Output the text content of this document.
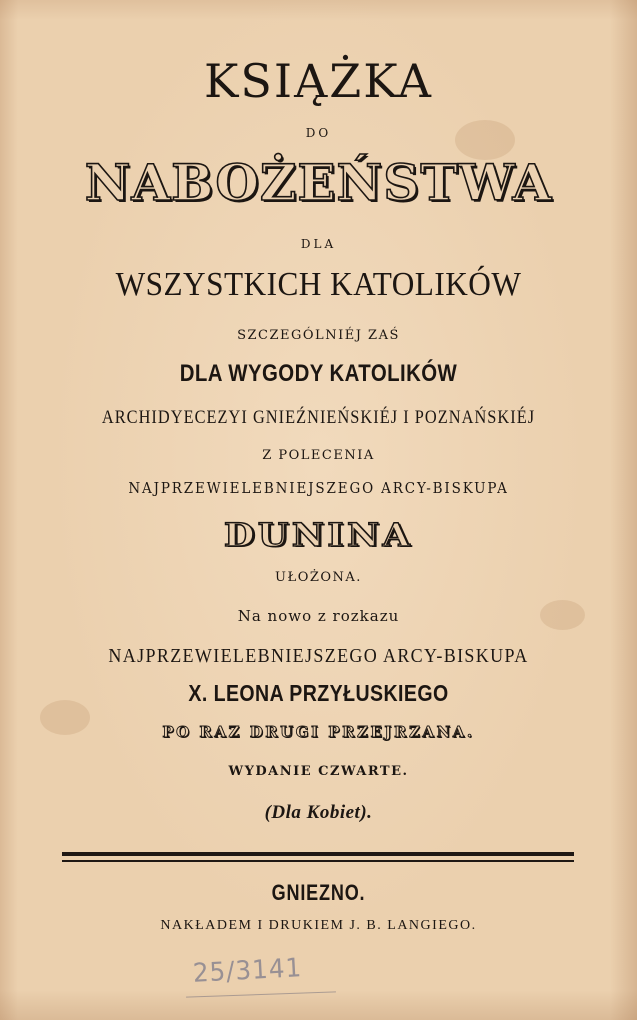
KSIĄŻKA
DO
NABOŻEŃSTWA
DLA
WSZYSTKICH KATOLIKÓW
SZCZEGÓLNIÉJ ZAŚ
DLA WYGODY KATOLIKÓW
ARCHIDYECEZYI GNIEŹNIEŃSKIÉJ I POZNAŃSKIÉJ
Z POLECENIA
NAJPRZEWIELEBNIEJSZEGO ARCY-BISKUPA
DUNINA
UŁOŻONA.
Na nowo z rozkazu
NAJPRZEWIELEBNIEJSZEGO ARCY-BISKUPA
X. LEONA PRZYŁUSKIEGO
PO RAZ DRUGI PRZEJRZANA.
WYDANIE CZWARTE.
(Dla Kobiet).
GNIEZNO.
NAKŁADEM I DRUKIEM J. B. LANGIEGO.
25/3141
